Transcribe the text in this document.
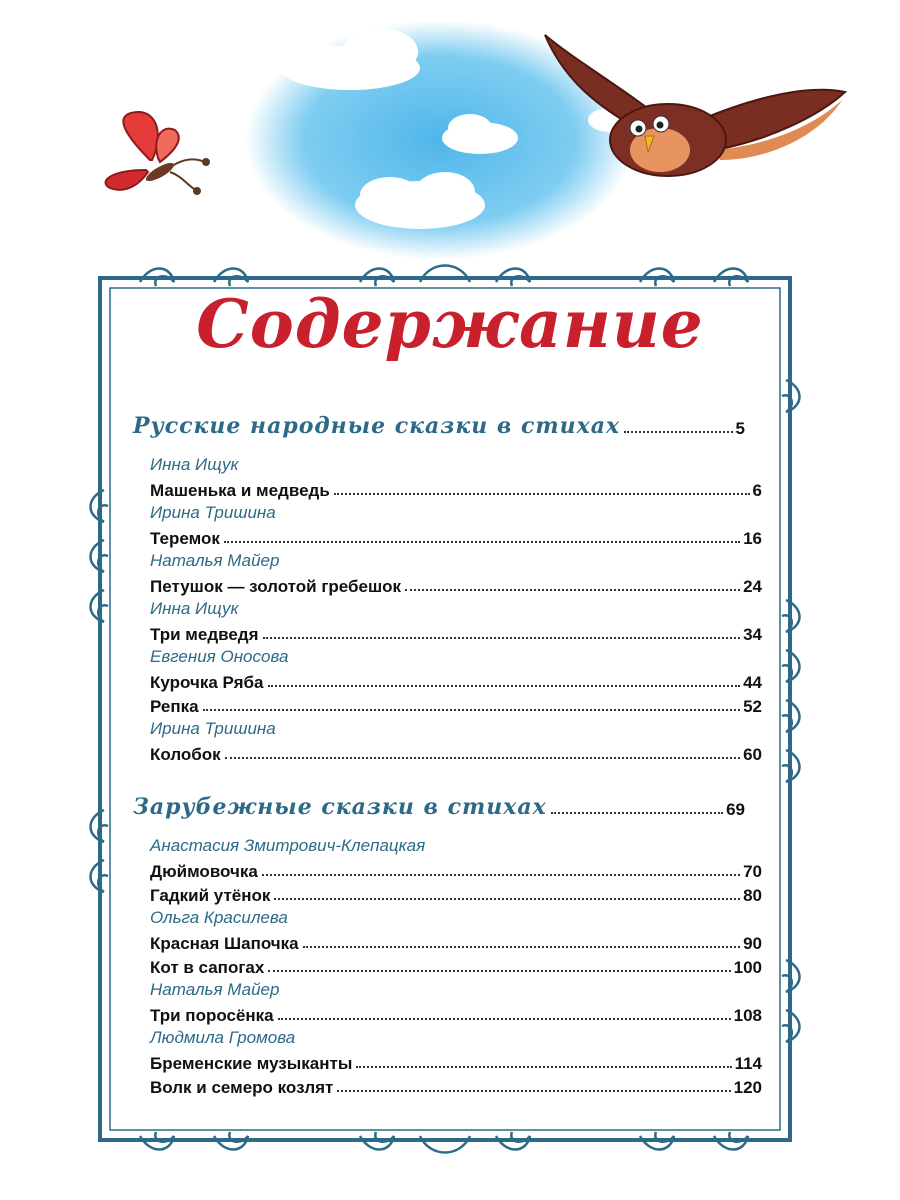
Содержание
Русские народные сказки в стихах	5
Инна Ищук
Машенька и медведь	6
Ирина Тришина
Теремок	16
Наталья Майер
Петушок — золотой гребешок	24
Инна Ищук
Три медведя	34
Евгения Оносова
Курочка Ряба	44
Репка	52
Ирина Тришина
Колобок	60
Зарубежные сказки в стихах	69
Анастасия Змитрович-Клепацкая
Дюймовочка	70
Гадкий утёнок	80
Ольга Красилева
Красная Шапочка	90
Кот в сапогах	100
Наталья Майер
Три поросёнка	108
Людмила Громова
Бременские музыканты	114
Волк и семеро козлят	120
